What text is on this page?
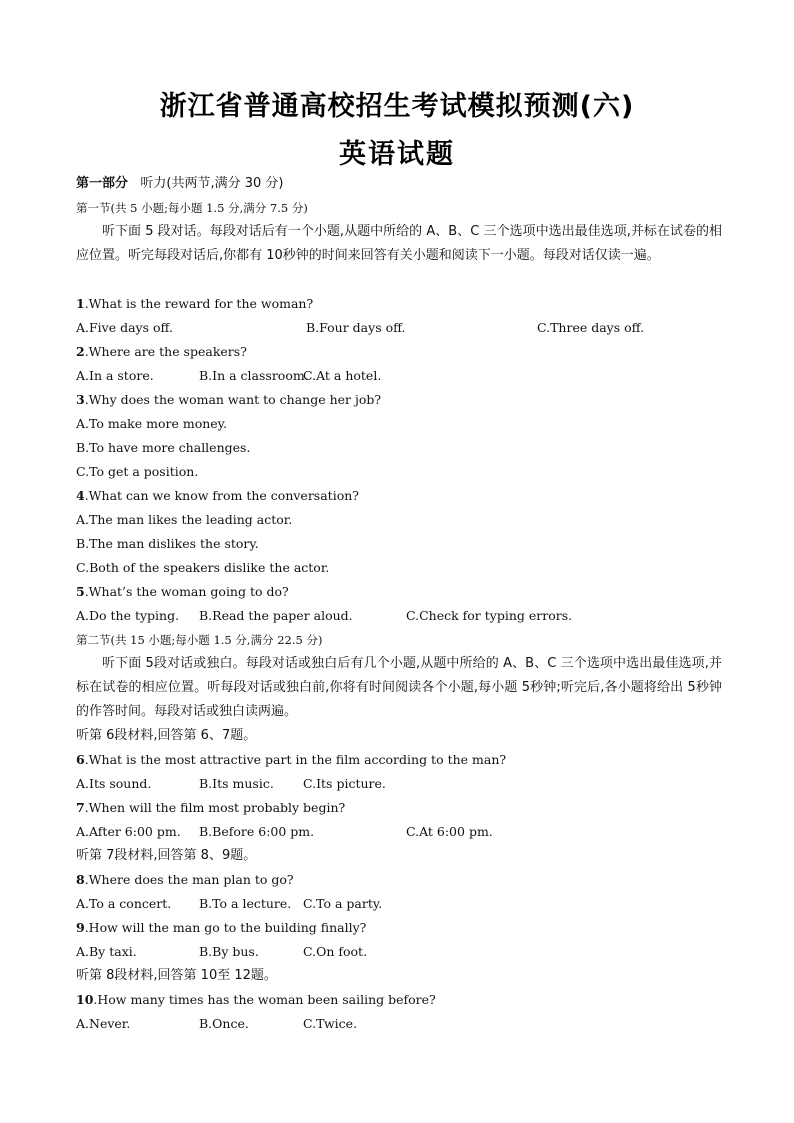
浙江省普通高校招生考试模拟预测(六)
英语试题
第一部分 听力(共两节,满分 30 分)
第一节(共 5 小题;每小题 1.5 分,满分 7.5 分)
听下面 5 段对话。每段对话后有一个小题,从题中所给的 A、B、C 三个选项中选出最佳选项,并标在试卷的相应位置。听完每段对话后,你都有 10秒钟的时间来回答有关小题和阅读下一小题。每段对话仅读一遍。
1.What is the reward for the woman?
A.Five days off.	B.Four days off.	C.Three days off.
2.Where are the speakers?
A.In a store.	B.In a classroom.
C.At a hotel.
3.Why does the woman want to change her job?
A.To make more money.
B.To have more challenges.
C.To get a position.
4.What can we know from the conversation?
A.The man likes the leading actor.
B.The man dislikes the story.
C.Both of the speakers dislike the actor.
5.What’s the woman going to do?
A.Do the typing. B.Read the paper aloud.	C.Check for typing errors.
第二节(共 15 小题;每小题 1.5 分,满分 22.5 分)
听下面 5段对话或独白。每段对话或独白后有几个小题,从题中所给的 A、B、C 三个选项中选出最佳选项,并标在试卷的相应位置。听每段对话或独白前,你将有时间阅读各个小题,每小题 5秒钟;听完后,各小题将给出 5秒钟的作答时间。每段对话或独白读两遍。
听第 6段材料,回答第 6、7题。
6.What is the most attractive part in the film according to the man?
A.Its sound.	B.Its music. C.Its picture.
7.When will the film most probably begin?
A.After 6:00 pm. B.Before 6:00 pm.	C.At 6:00 pm.
听第 7段材料,回答第 8、9题。
8.Where does the man plan to go?
A.To a concert. B.To a lecture. C.To a party.
9.How will the man go to the building finally?
A.By taxi.	B.By bus.	C.On foot.
听第 8段材料,回答第 10至 12题。
10.How many times has the woman been sailing before?
A.Never.	B.Once.	C.Twice.
